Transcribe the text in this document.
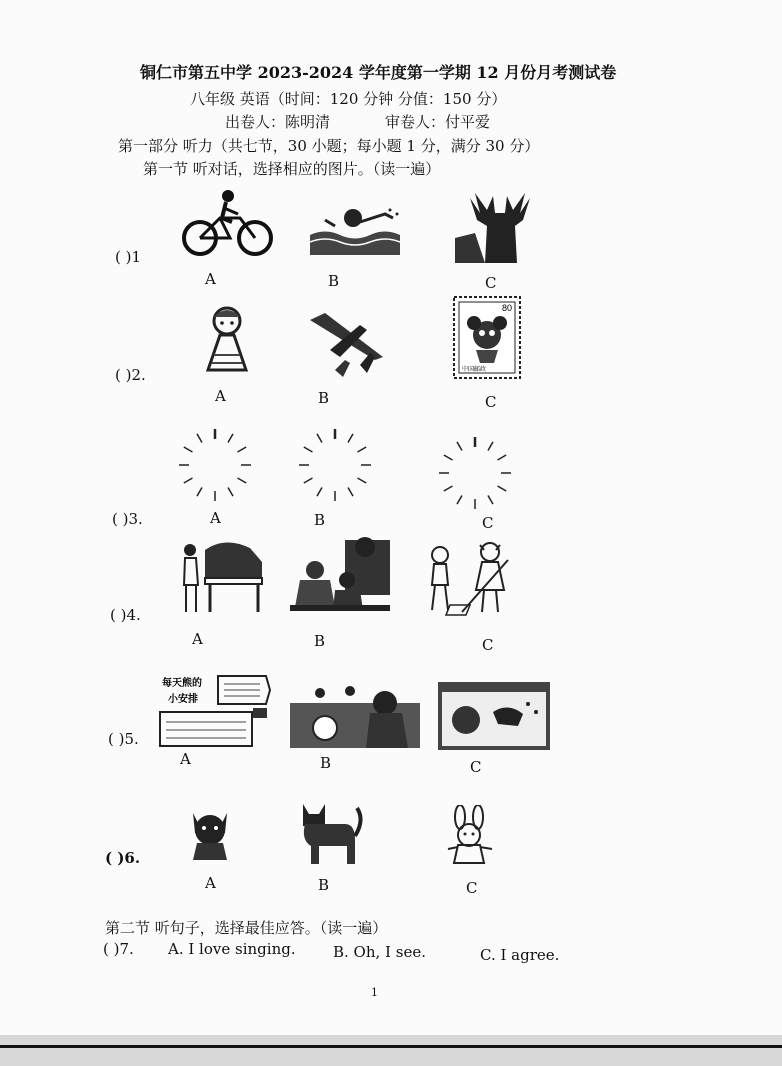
铜仁市第五中学 2023-2024 学年度第一学期 12 月份月考测试卷
八年级 英语（时间：120 分钟 分值：150 分）
出卷人：陈明清	审卷人：付平爱
第一部分 听力（共七节，30 小题；每小题 1 分，满分 30 分）
第一节 听对话，选择相应的图片。（读一遍）
( )1
A	B	C
( )2.
80
中国邮政
A	B	C
( )3.	A	B	C
( )4.
A	B	C
( )5.
每天熊的
小安排
A	B	C
( )6.
A	B	C
第二节 听句子，选择最佳应答。（读一遍）
( )7. A. I love singing. B. Oh, I see.	C. I agree.
1
